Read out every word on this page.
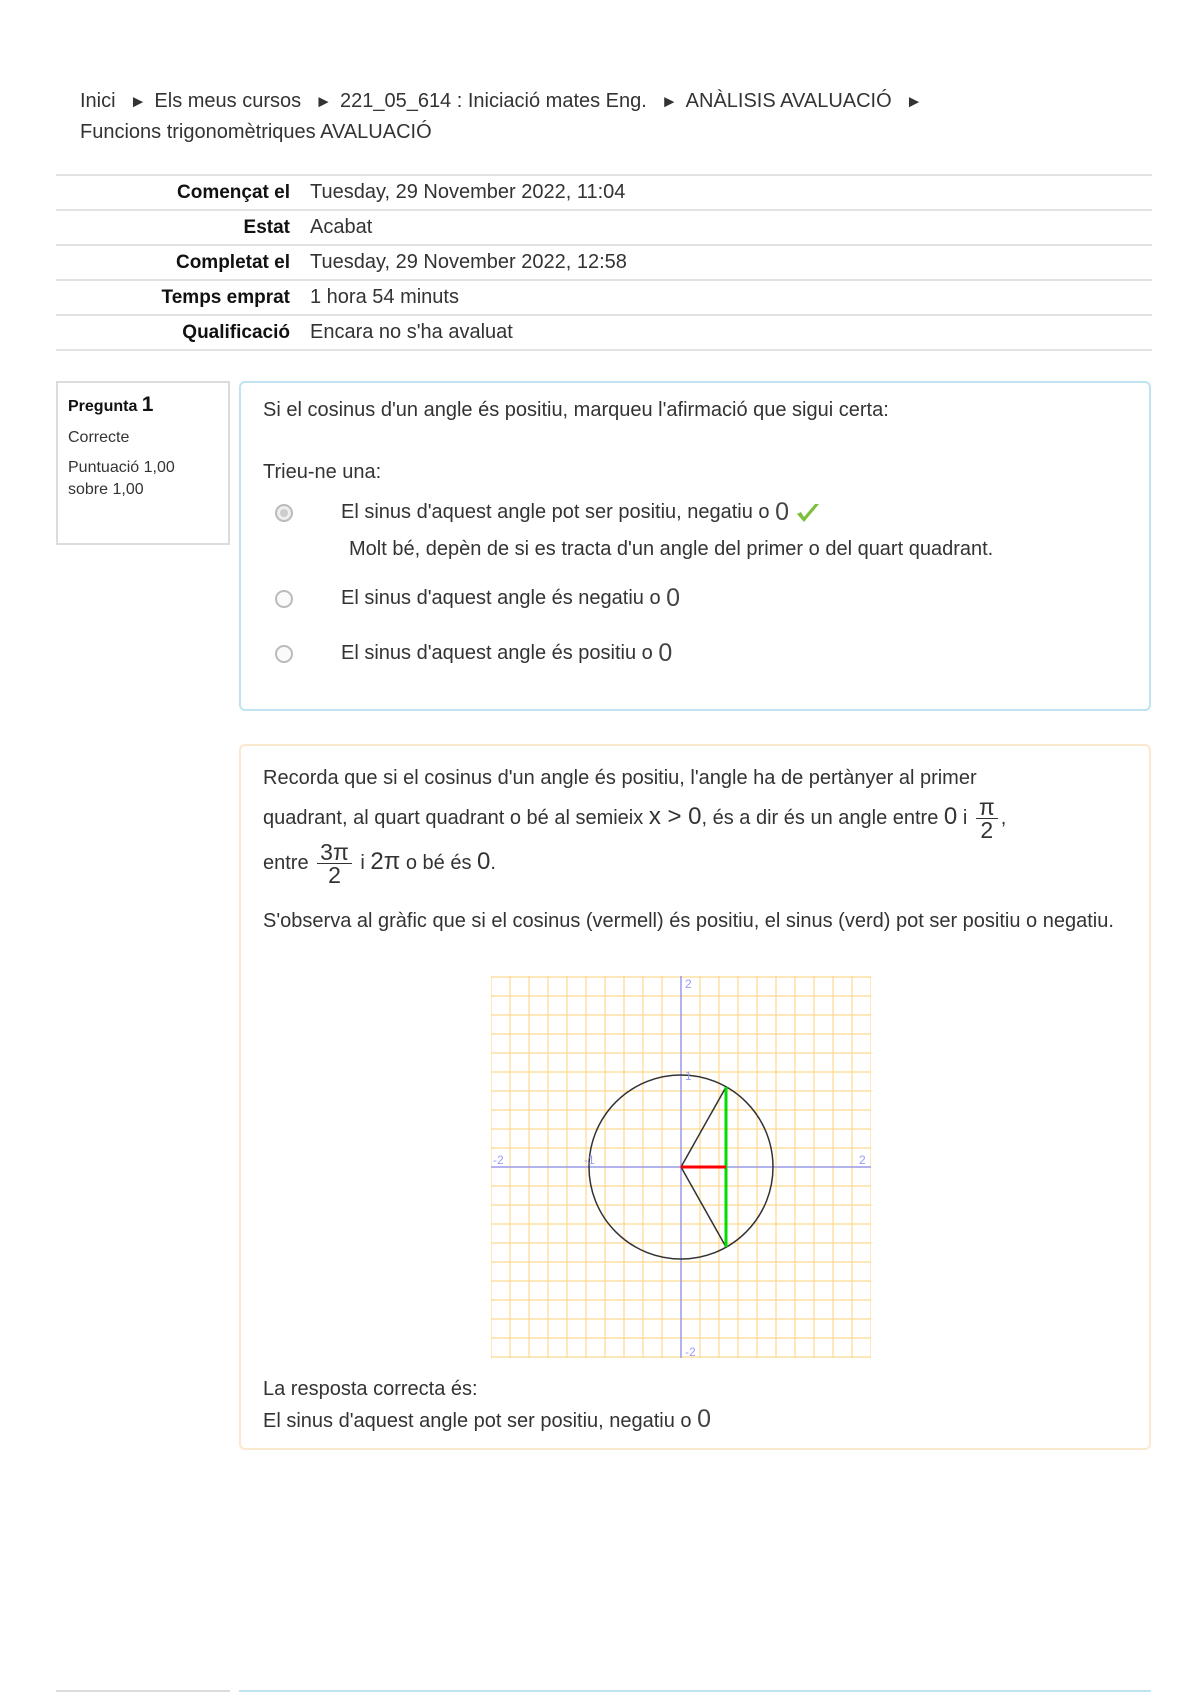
Inici ► Els meus cursos ► 221_05_614 : Iniciació mates Eng. ► ANÀLISIS AVALUACIÓ ►
Funcions trigonomètriques AVALUACIÓ
Començat el	Tuesday, 29 November 2022, 11:04
Estat	Acabat
Completat el	Tuesday, 29 November 2022, 12:58
Temps emprat	1 hora 54 minuts
Qualificació	Encara no s'ha avaluat
Pregunta 1
Correcte
Puntuació 1,00
sobre 1,00
Si el cosinus d'un angle és positiu, marqueu l'afirmació que sigui certa:
Trieu-ne una:
El sinus d'aquest angle pot ser positiu, negatiu o
0
Molt bé, depèn de si es tracta d'un angle del primer o del quart quadrant.
El sinus d'aquest angle és negatiu o
0
El sinus d'aquest angle és positiu o
0
Recorda que si el cosinus d'un angle és positiu, l'angle ha de pertànyer al primer
quadrant, al quart quadrant o bé al semieix x > 0, és a dir és un angle entre 0 i $\frac{\pi}{2}$ ,
entre $\frac{3\pi}{2}$ i 2π o bé és 0.
S'observa al gràfic que si el cosinus (vermell) és positiu, el sinus (verd) pot ser positiu o negatiu.
-2	-1	2
2
1
-2
La resposta correcta és:
El sinus d'aquest angle pot ser positiu, negatiu o 0
